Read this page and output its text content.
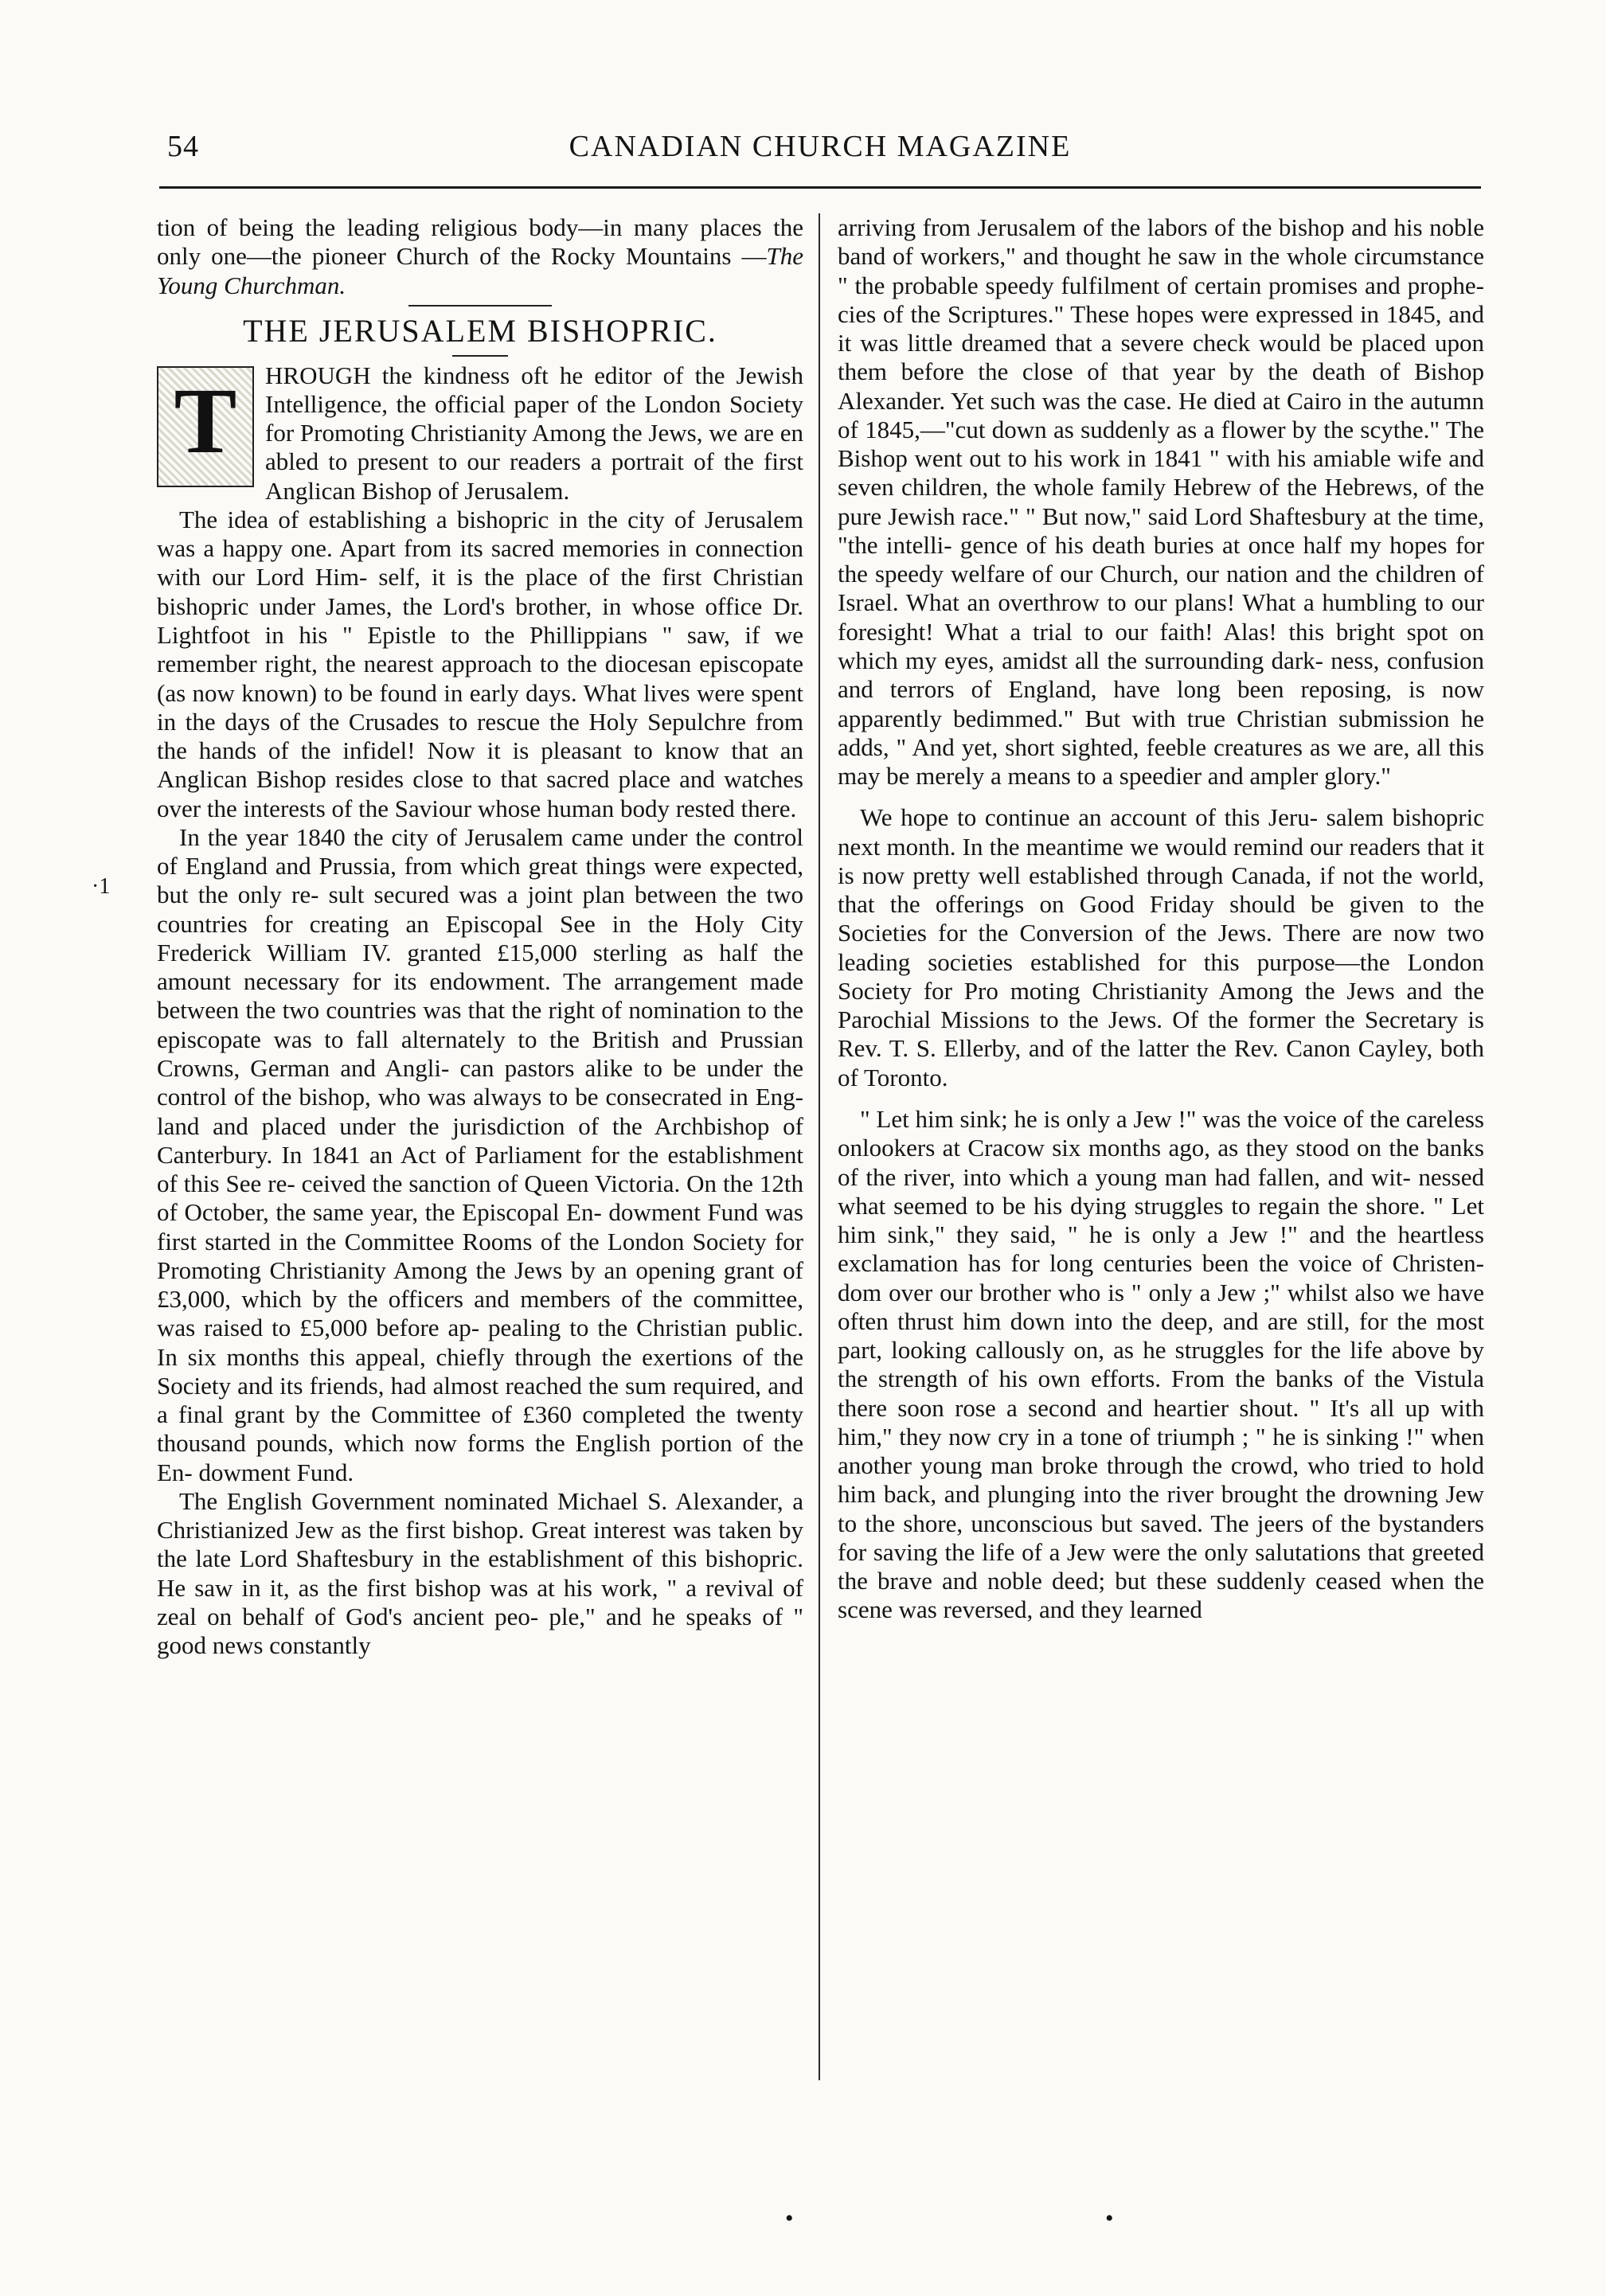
54	CANADIAN CHURCH MAGAZINE
·1

tion of being the leading religious body—in many places the only one—the pioneer Church of the Rocky Mountains —The Young Churchman.

THE JERUSALEM BISHOPRIC.
T	HROUGH the kindness oft he editor of the Jewish Intelligence, the official paper of the London Society for Promoting Christianity Among the Jews, we are en abled to present to our readers a portrait of the first Anglican Bishop of Jerusalem.

The idea of establishing a bishopric in the city of Jerusalem was a happy one. Apart from its sacred memories in connection with our Lord Him- self, it is the place of the first Christian bishopric under James, the Lord's brother, in whose office Dr. Lightfoot in his " Epistle to the Phillippians " saw, if we remember right, the nearest approach to the diocesan episcopate (as now known) to be found in early days. What lives were spent in the days of the Crusades to rescue the Holy Sepulchre from the hands of the infidel! Now it is pleasant to know that an Anglican Bishop resides close to that sacred place and watches over the interests of the Saviour whose human body rested there.

In the year 1840 the city of Jerusalem came under the control of England and Prussia, from which great things were expected, but the only re- sult secured was a joint plan between the two countries for creating an Episcopal See in the Holy City Frederick William IV. granted £15,000 sterling as half the amount necessary for its endowment. The arrangement made between the two countries was that the right of nomination to the episcopate was to fall alternately to the British and Prussian Crowns, German and Angli- can pastors alike to be under the control of the bishop, who was always to be consecrated in Eng- land and placed under the jurisdiction of the Archbishop of Canterbury. In 1841 an Act of Parliament for the establishment of this See re- ceived the sanction of Queen Victoria. On the 12th of October, the same year, the Episcopal En- dowment Fund was first started in the Committee Rooms of the London Society for Promoting Christianity Among the Jews by an opening grant of £3,000, which by the officers and members of the committee, was raised to £5,000 before ap- pealing to the Christian public. In six months this appeal, chiefly through the exertions of the Society and its friends, had almost reached the sum required, and a final grant by the Committee of £360 completed the twenty thousand pounds, which now forms the English portion of the En- dowment Fund.

The English Government nominated Michael S. Alexander, a Christianized Jew as the first bishop. Great interest was taken by the late Lord Shaftesbury in the establishment of this bishopric. He saw in it, as the first bishop was at his work, " a revival of zeal on behalf of God's ancient peo- ple," and he speaks of " good news constantly

arriving from Jerusalem of the labors of the bishop and his noble band of workers," and thought he saw in the whole circumstance " the probable speedy fulfilment of certain promises and prophe- cies of the Scriptures." These hopes were expressed in 1845, and it was little dreamed that a severe check would be placed upon them before the close of that year by the death of Bishop Alexander. Yet such was the case. He died at Cairo in the autumn of 1845,—"cut down as suddenly as a flower by the scythe." The Bishop went out to his work in 1841 " with his amiable wife and seven children, the whole family Hebrew of the Hebrews, of the pure Jewish race." " But now," said Lord Shaftesbury at the time, "the intelli- gence of his death buries at once half my hopes for the speedy welfare of our Church, our nation and the children of Israel. What an overthrow to our plans! What a humbling to our foresight! What a trial to our faith! Alas! this bright spot on which my eyes, amidst all the surrounding dark- ness, confusion and terrors of England, have long been reposing, is now apparently bedimmed." But with true Christian submission he adds, " And yet, short sighted, feeble creatures as we are, all this may be merely a means to a speedier and ampler glory."

We hope to continue an account of this Jeru- salem bishopric next month. In the meantime we would remind our readers that it is now pretty well established through Canada, if not the world, that the offerings on Good Friday should be given to the Societies for the Conversion of the Jews. There are now two leading societies established for this purpose—the London Society for Pro moting Christianity Among the Jews and the Parochial Missions to the Jews. Of the former the Secretary is Rev. T. S. Ellerby, and of the latter the Rev. Canon Cayley, both of Toronto.

" Let him sink; he is only a Jew !" was the voice of the careless onlookers at Cracow six months ago, as they stood on the banks of the river, into which a young man had fallen, and wit- nessed what seemed to be his dying struggles to regain the shore. " Let him sink," they said, " he is only a Jew !" and the heartless exclamation has for long centuries been the voice of Christen- dom over our brother who is " only a Jew ;" whilst also we have often thrust him down into the deep, and are still, for the most part, looking callously on, as he struggles for the life above by the strength of his own efforts. From the banks of the Vistula there soon rose a second and heartier shout. " It's all up with him," they now cry in a tone of triumph ; " he is sinking !" when another young man broke through the crowd, who tried to hold him back, and plunging into the river brought the drowning Jew to the shore, unconscious but saved. The jeers of the bystanders for saving the life of a Jew were the only salutations that greeted the brave and noble deed; but these suddenly ceased when the scene was reversed, and they learned

•	•
